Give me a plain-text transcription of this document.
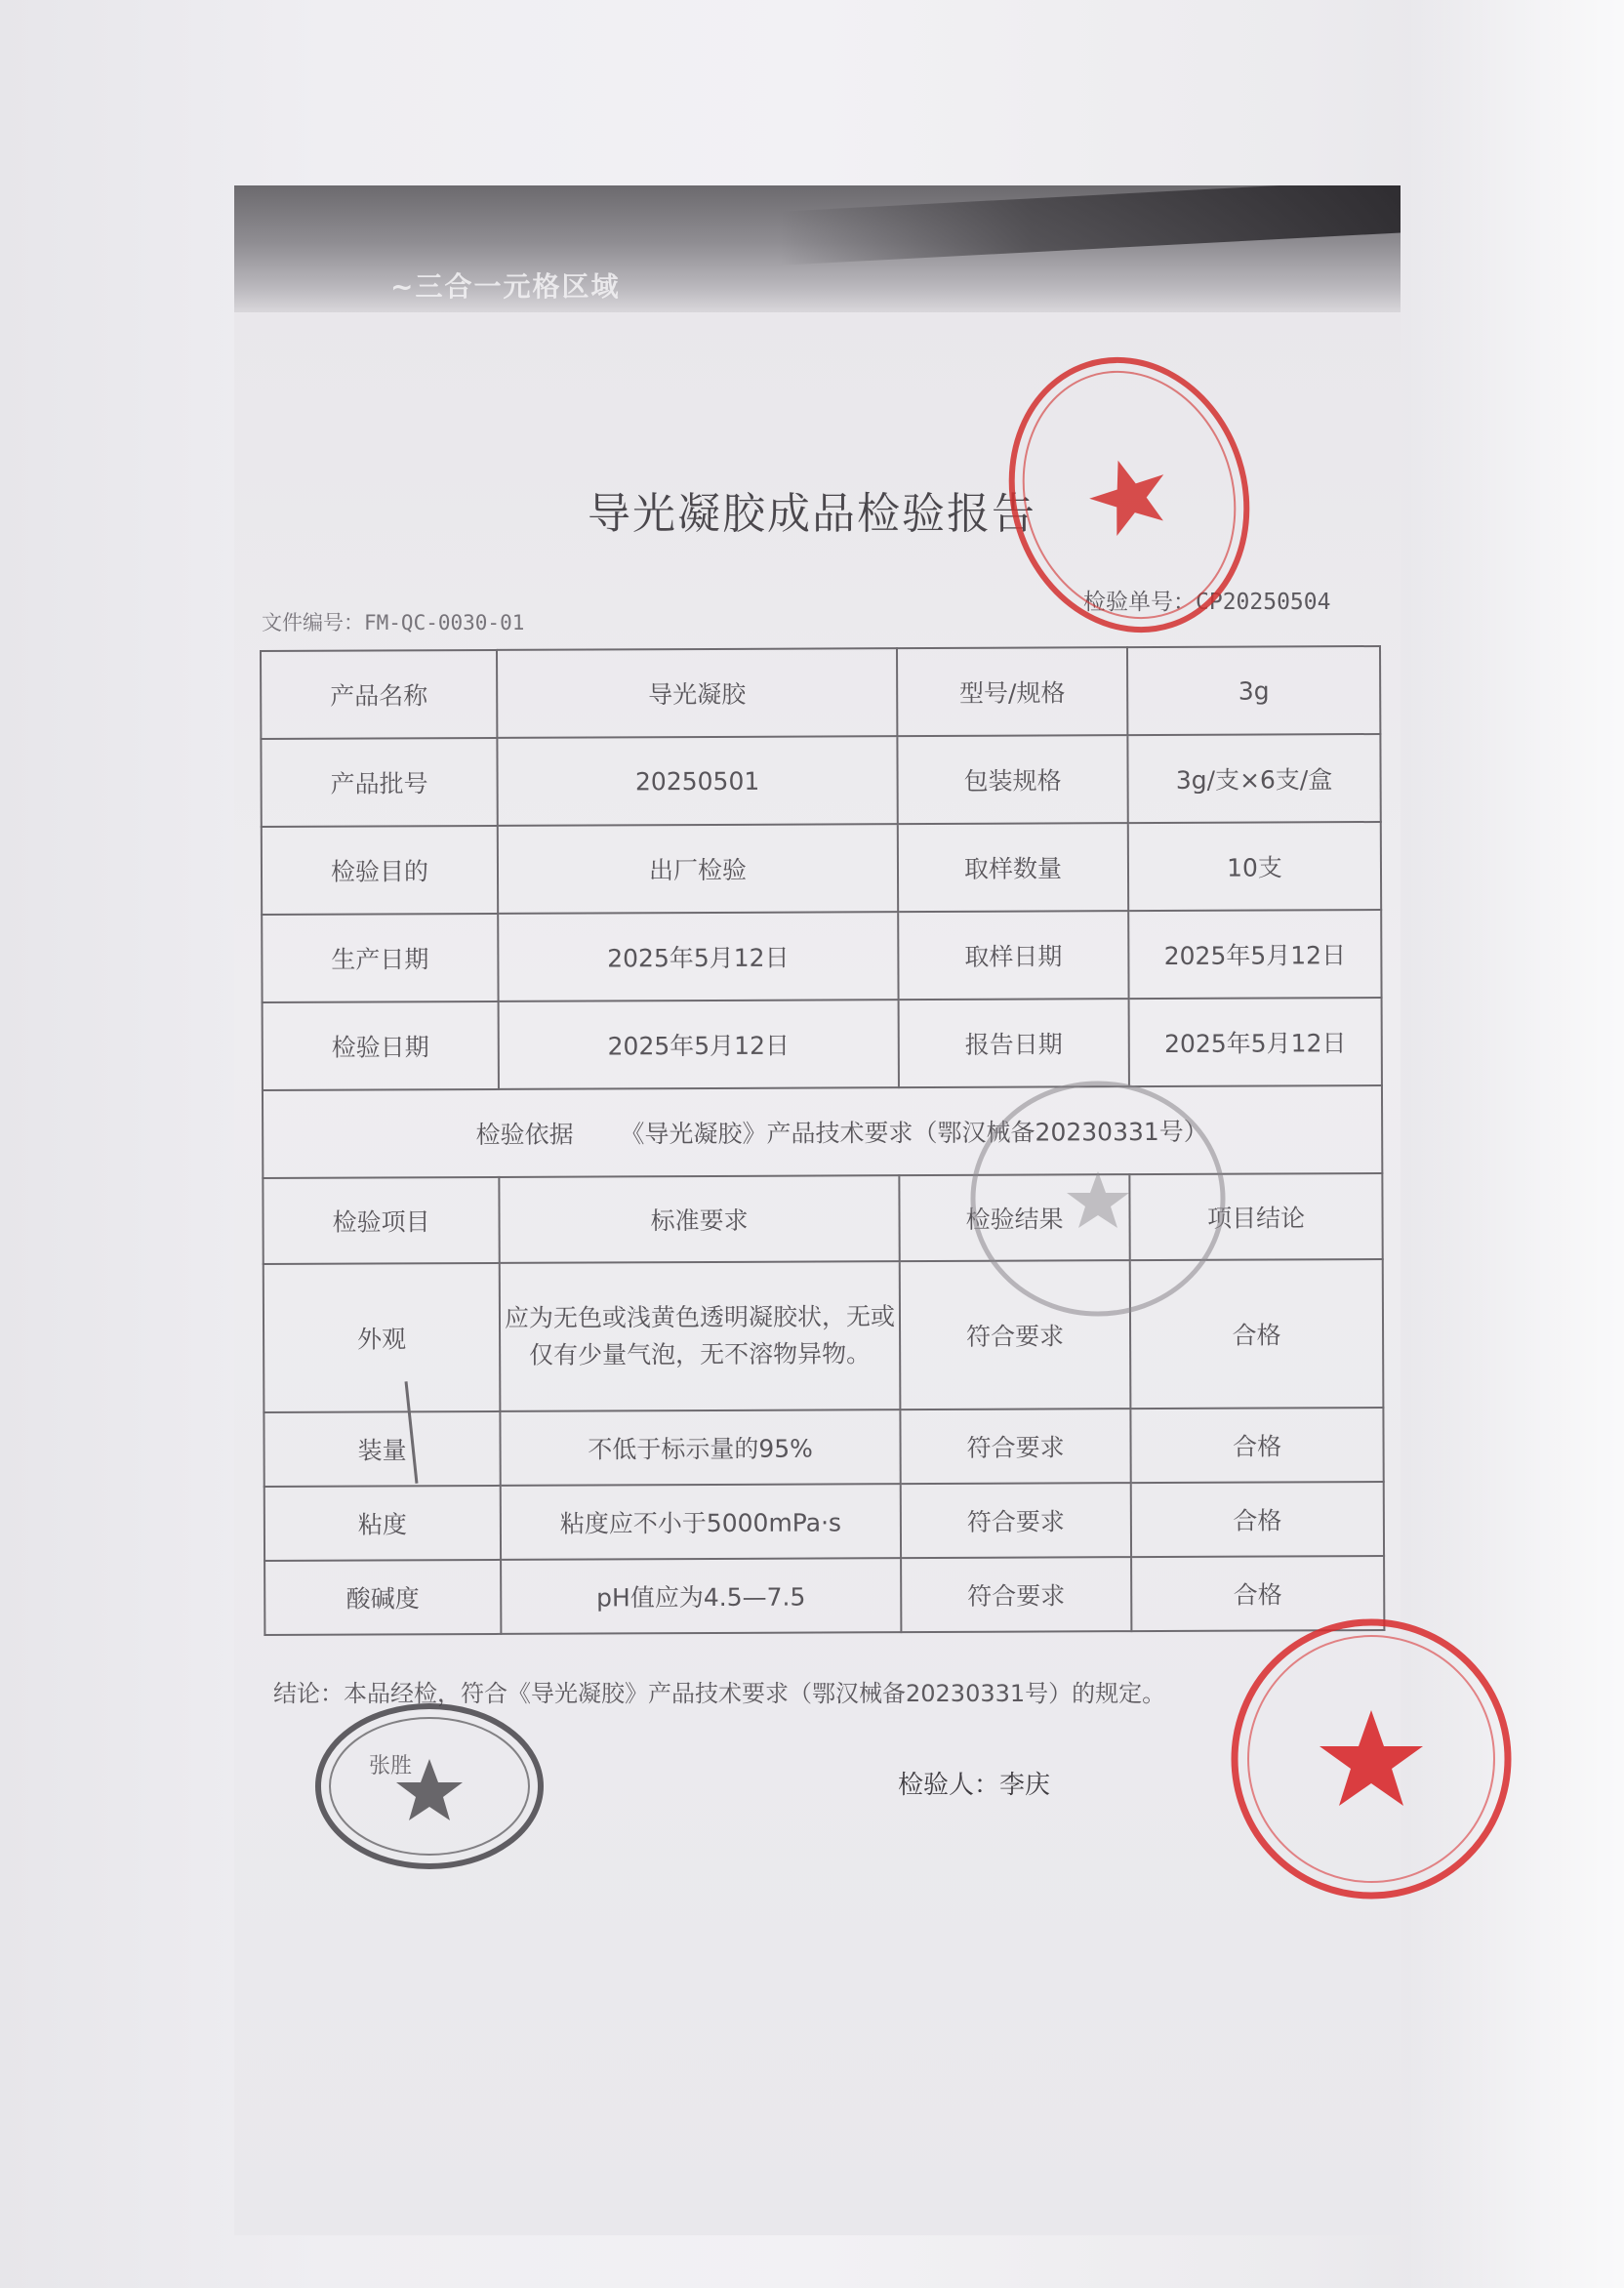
~三合一元格区域
导光凝胶成品检验报告
文件编号：FM-QC-0030-01
检验单号：CP20250504
产品名称	导光凝胶	型号/规格	3g
产品批号	20250501	包装规格	3g/支×6支/盒
检验目的	出厂检验	取样数量	10支
生产日期	2025年5月12日	取样日期	2025年5月12日
检验日期	2025年5月12日	报告日期	2025年5月12日
检验依据 《导光凝胶》产品技术要求（鄂汉械备20230331号）			
检验项目	标准要求	检验结果	项目结论
外观	应为无色或浅黄色透明凝胶状，无或仅有少量气泡，无不溶物异物。	符合要求	合格
装量	不低于标示量的95%	符合要求	合格
粘度	粘度应不小于5000mPa·s	符合要求	合格
酸碱度	pH值应为4.5—7.5	符合要求	合格
结论：本品经检，符合《导光凝胶》产品技术要求（鄂汉械备20230331号）的规定。
张胜
检验人：李庆
